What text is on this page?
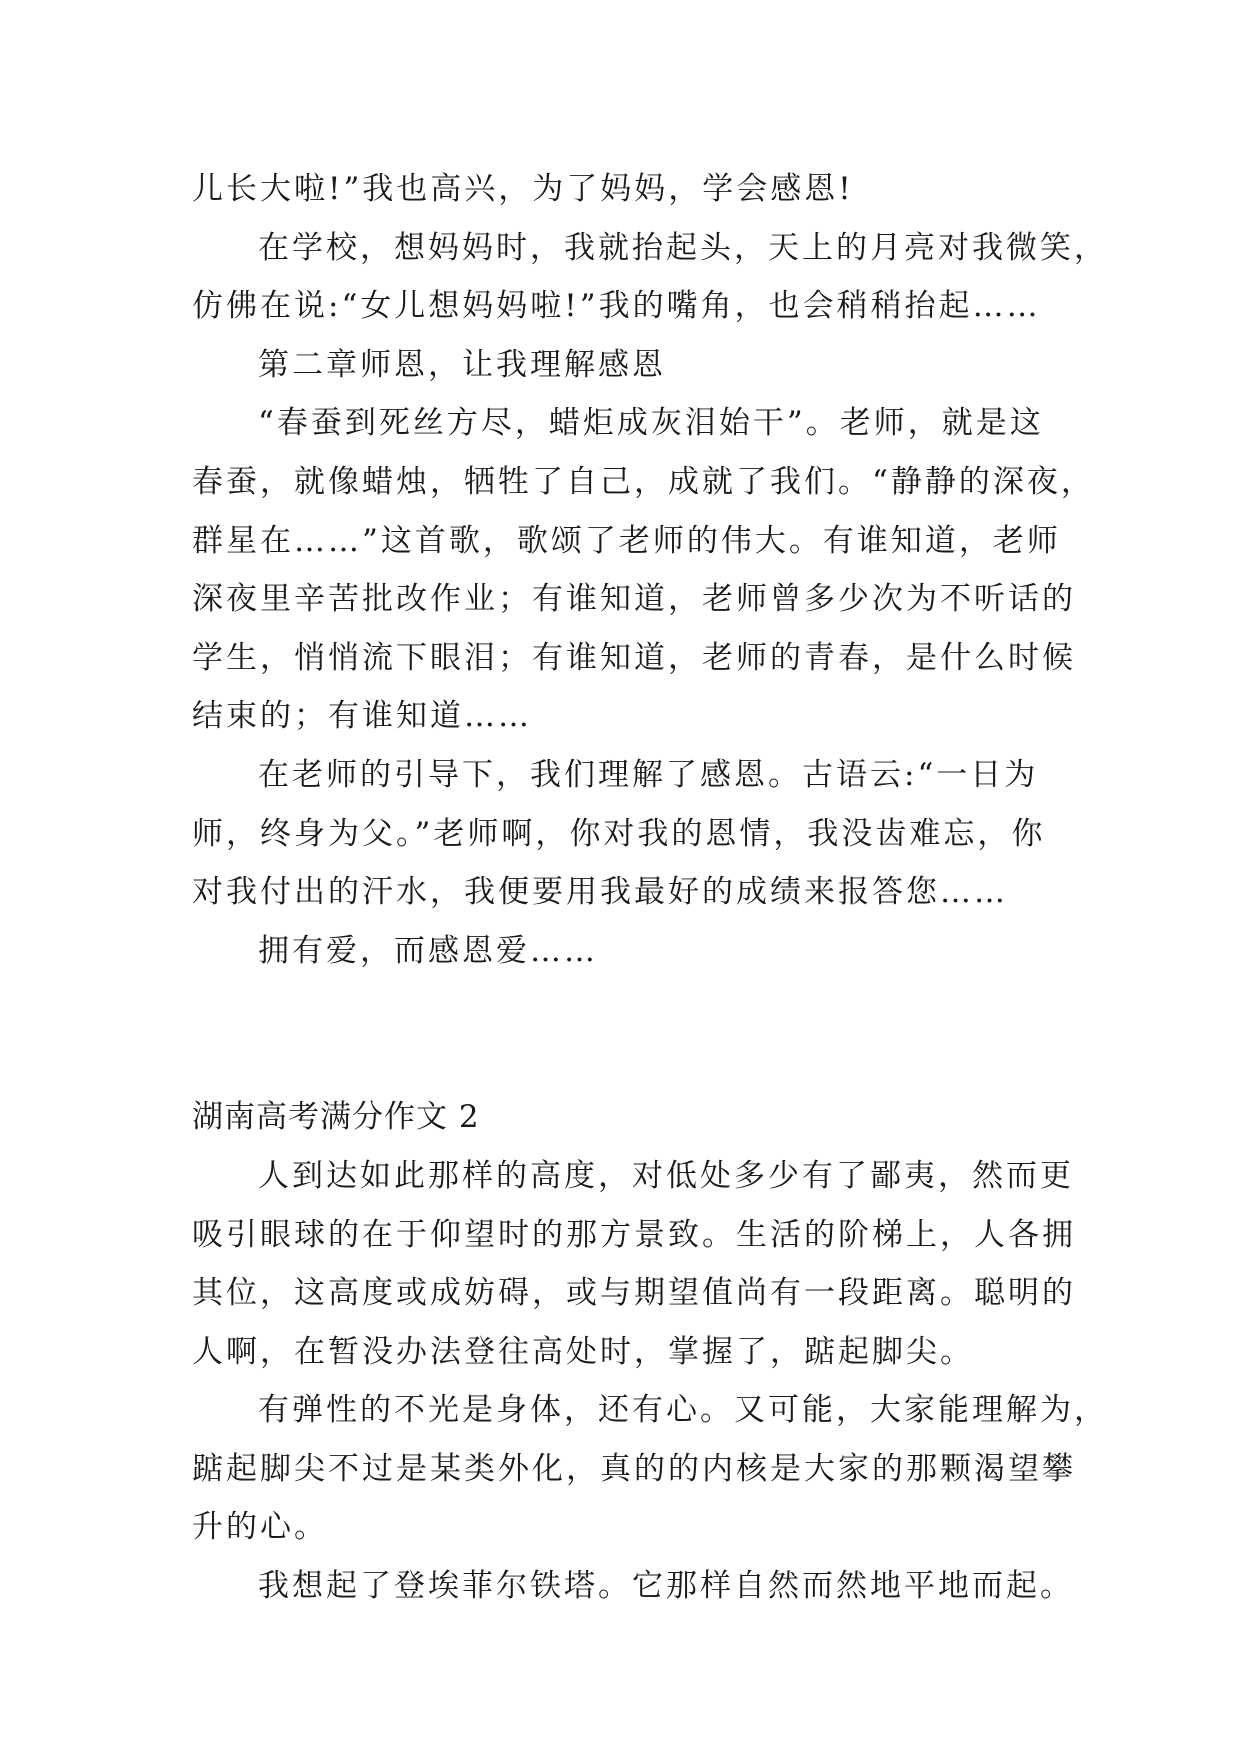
儿长大啦!”我也高兴，为了妈妈，学会感恩!
在学校，想妈妈时，我就抬起头，天上的月亮对我微笑，
仿佛在说:“女儿想妈妈啦!”我的嘴角，也会稍稍抬起……
第二章师恩，让我理解感恩
“春蚕到死丝方尽，蜡炬成灰泪始干”。老师，就是这
春蚕，就像蜡烛，牺牲了自己，成就了我们。“静静的深夜，
群星在……”这首歌，歌颂了老师的伟大。有谁知道，老师
深夜里辛苦批改作业；有谁知道，老师曾多少次为不听话的
学生，悄悄流下眼泪；有谁知道，老师的青春，是什么时候
结束的；有谁知道……
在老师的引导下，我们理解了感恩。古语云:“一日为
师，终身为父。”老师啊，你对我的恩情，我没齿难忘，你
对我付出的汗水，我便要用我最好的成绩来报答您……
拥有爱，而感恩爱……
湖南高考满分作文 2
人到达如此那样的高度，对低处多少有了鄙夷，然而更
吸引眼球的在于仰望时的那方景致。生活的阶梯上，人各拥
其位，这高度或成妨碍，或与期望值尚有一段距离。聪明的
人啊，在暂没办法登往高处时，掌握了，踮起脚尖。
有弹性的不光是身体，还有心。又可能，大家能理解为，
踮起脚尖不过是某类外化，真的的内核是大家的那颗渴望攀
升的心。
我想起了登埃菲尔铁塔。它那样自然而然地平地而起。
